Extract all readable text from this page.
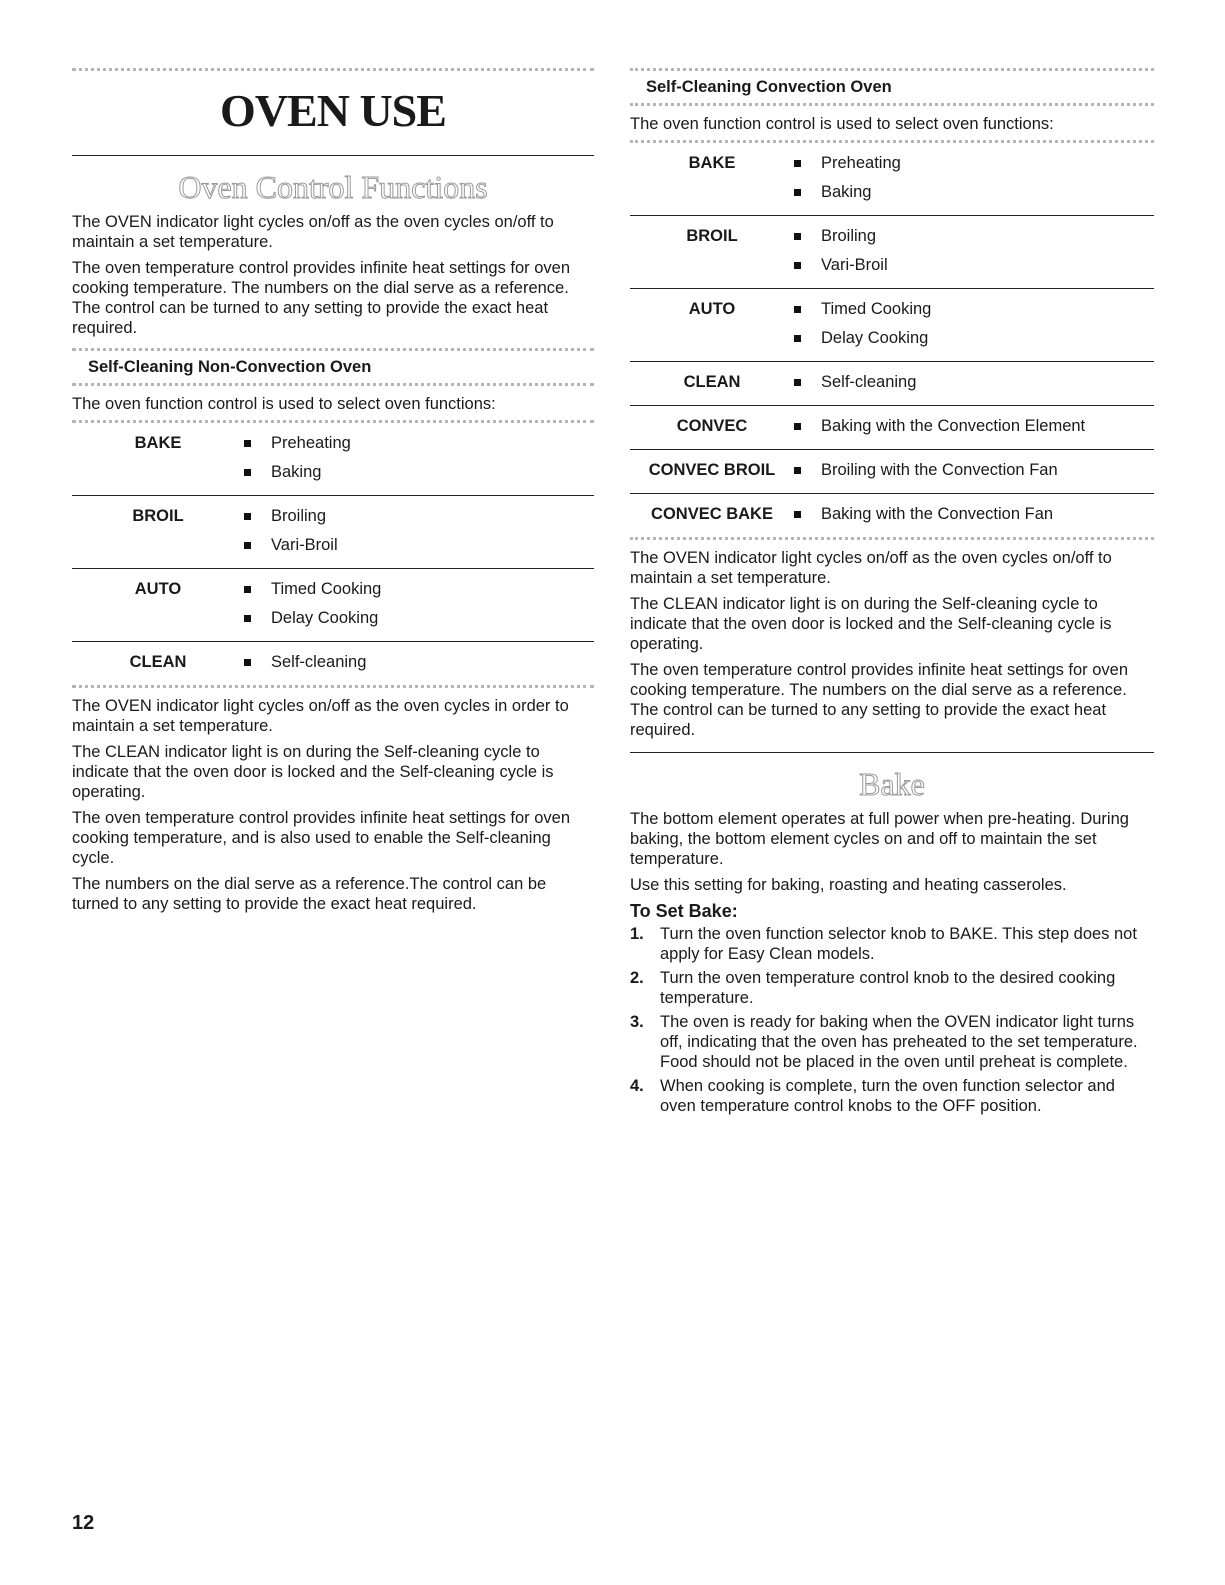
OVEN USE
Oven Control Functions

The OVEN indicator light cycles on/off as the oven cycles on/off to maintain a set temperature.

The oven temperature control provides infinite heat settings for oven cooking temperature. The numbers on the dial serve as a reference. The control can be turned to any setting to provide the exact heat required.

Self-Cleaning Non-Convection Oven

The oven function control is used to select oven functions:

BAKE	Preheating
Baking

BROIL	Broiling
Vari-Broil

AUTO	Timed Cooking
Delay Cooking

CLEAN	Self-cleaning

The OVEN indicator light cycles on/off as the oven cycles in order to maintain a set temperature.

The CLEAN indicator light is on during the Self-cleaning cycle to indicate that the oven door is locked and the Self-cleaning cycle is operating.

The oven temperature control provides infinite heat settings for oven cooking temperature, and is also used to enable the Self-cleaning cycle.

The numbers on the dial serve as a reference.The control can be turned to any setting to provide the exact heat required.

Self-Cleaning Convection Oven

The oven function control is used to select oven functions:

BAKE	Preheating
Baking

BROIL	Broiling
Vari-Broil

AUTO	Timed Cooking
Delay Cooking

CLEAN	Self-cleaning

CONVEC	Baking with the Convection Element

CONVEC BROIL	Broiling with the Convection Fan

CONVEC BAKE	Baking with the Convection Fan

The OVEN indicator light cycles on/off as the oven cycles on/off to maintain a set temperature.

The CLEAN indicator light is on during the Self-cleaning cycle to indicate that the oven door is locked and the Self-cleaning cycle is operating.

The oven temperature control provides infinite heat settings for oven cooking temperature. The numbers on the dial serve as a reference. The control can be turned to any setting to provide the exact heat required.

Bake

The bottom element operates at full power when pre-heating. During baking, the bottom element cycles on and off to maintain the set temperature.

Use this setting for baking, roasting and heating casseroles.

To Set Bake:
1. Turn the oven function selector knob to BAKE. This step does not apply for Easy Clean models.
2. Turn the oven temperature control knob to the desired cooking temperature.
3. The oven is ready for baking when the OVEN indicator light turns off, indicating that the oven has preheated to the set temperature. Food should not be placed in the oven until preheat is complete.
4. When cooking is complete, turn the oven function selector and oven temperature control knobs to the OFF position.
12
